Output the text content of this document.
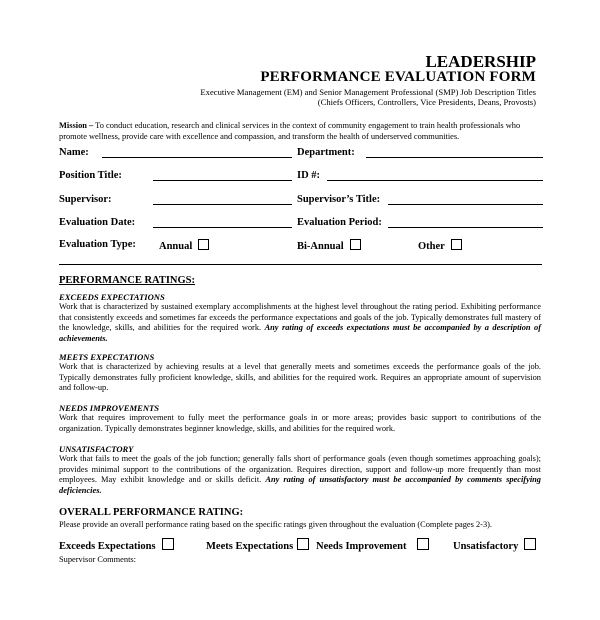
LEADERSHIP
PERFORMANCE EVALUATION FORM
Executive Management (EM) and Senior Management Professional (SMP) Job Description Titles
(Chiefs Officers, Controllers, Vice Presidents, Deans, Provosts)
Mission – To conduct education, research and clinical services in the context of community engagement to train health professionals who promote wellness, provide care with excellence and compassion, and transform the health of underserved communities.
Name:	Department:
Position Title:	ID #:
Supervisor:	Supervisor’s Title:
Evaluation Date:	Evaluation Period:
Evaluation Type: Annual	Bi-Annual	Other
PERFORMANCE RATINGS:
EXCEEDS EXPECTATIONS
Work that is characterized by sustained exemplary accomplishments at the highest level throughout the rating period. Exhibiting performance that consistently exceeds and sometimes far exceeds the performance expectations and goals of the job. Typically demonstrates full mastery of the knowledge, skills, and abilities for the required work. Any rating of exceeds expectations must be accompanied by a description of achievements.
MEETS EXPECTATIONS
Work that is characterized by achieving results at a level that generally meets and sometimes exceeds the performance goals of the job. Typically demonstrates fully proficient knowledge, skills, and abilities for the required work. Requires an appropriate amount of supervision and follow-up.
NEEDS IMPROVEMENTS
Work that requires improvement to fully meet the performance goals in or more areas; provides basic support to contributions of the organization. Typically demonstrates beginner knowledge, skills, and abilities for the required work.
UNSATISFACTORY
Work that fails to meet the goals of the job function; generally falls short of performance goals (even though sometimes approaching goals); provides minimal support to the contributions of the organization. Requires direction, support and follow-up more frequently than most employees. May exhibit knowledge and or skills deficit. Any rating of unsatisfactory must be accompanied by comments specifying deficiencies.
OVERALL PERFORMANCE RATING:
Please provide an overall performance rating based on the specific ratings given throughout the evaluation (Complete pages 2-3).
Exceeds Expectations	Meets Expectations	Needs Improvement	Unsatisfactory
Supervisor Comments:
